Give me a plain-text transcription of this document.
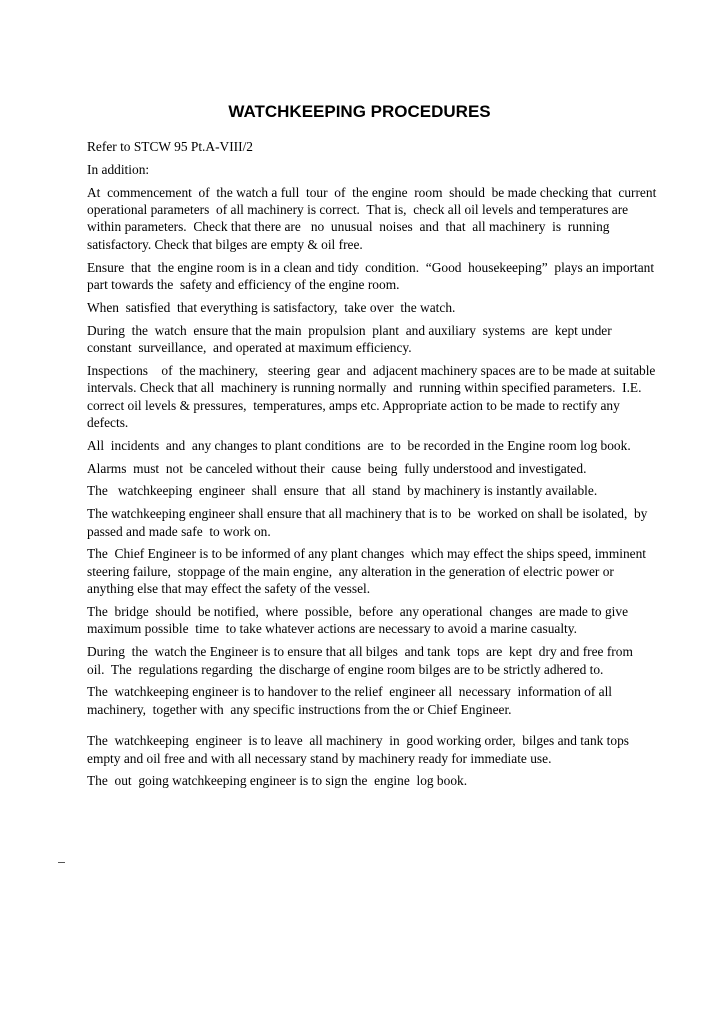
WATCHKEEPING PROCEDURES

Refer to STCW 95 Pt.A-VIII/2

In addition:

At  commencement  of  the watch a full  tour  of  the engine  room  should  be made checking that  current  operational parameters  of all machinery is correct.  That is,  check all oil levels and temperatures are within parameters.  Check that there are   no  unusual  noises  and  that  all machinery  is  running satisfactory. Check that bilges are empty & oil free.

Ensure  that  the engine room is in a clean and tidy  condition.  “Good  housekeeping”  plays an important part towards the  safety and efficiency of the engine room.

When  satisfied  that everything is satisfactory,  take over  the watch.

During  the  watch  ensure that the main  propulsion  plant  and auxiliary  systems  are  kept under  constant  surveillance,  and operated at maximum efficiency.

Inspections    of  the machinery,   steering  gear  and  adjacent machinery spaces are to be made at suitable intervals. Check that all  machinery is running normally  and  running within specified parameters.  I.E.  correct oil levels & pressures,  temperatures, amps etc. Appropriate action to be made to rectify any defects.

All  incidents  and  any changes to plant conditions  are  to  be recorded in the Engine room log book.

Alarms  must  not  be canceled without their  cause  being  fully understood and investigated.

The   watchkeeping  engineer  shall  ensure  that  all  stand  by machinery is instantly available.

The watchkeeping engineer shall ensure that all machinery that is to  be  worked on shall be isolated,  by passed and made safe  to work on.

The  Chief Engineer is to be informed of any plant changes  which may effect the ships speed, imminent steering failure,  stoppage of the main engine,  any alteration in the generation of electric power or anything else that may effect the safety of the vessel.

The  bridge  should  be notified,  where  possible,  before  any operational  changes  are made to give maximum possible  time  to take whatever actions are necessary to avoid a marine casualty.

During  the  watch the Engineer is to ensure that all bilges  and tank  tops  are  kept  dry and free from  oil.  The  regulations regarding  the discharge of engine room bilges are to be strictly adhered to.

The  watchkeeping engineer is to handover to the relief  engineer all  necessary  information of all machinery,  together with  any specific instructions from the or Chief Engineer.

The  watchkeeping  engineer  is to leave  all machinery  in  good working order,  bilges and tank tops empty and oil free and with all necessary stand by machinery ready for immediate use.

The  out  going watchkeeping engineer is to sign the  engine  log book.
